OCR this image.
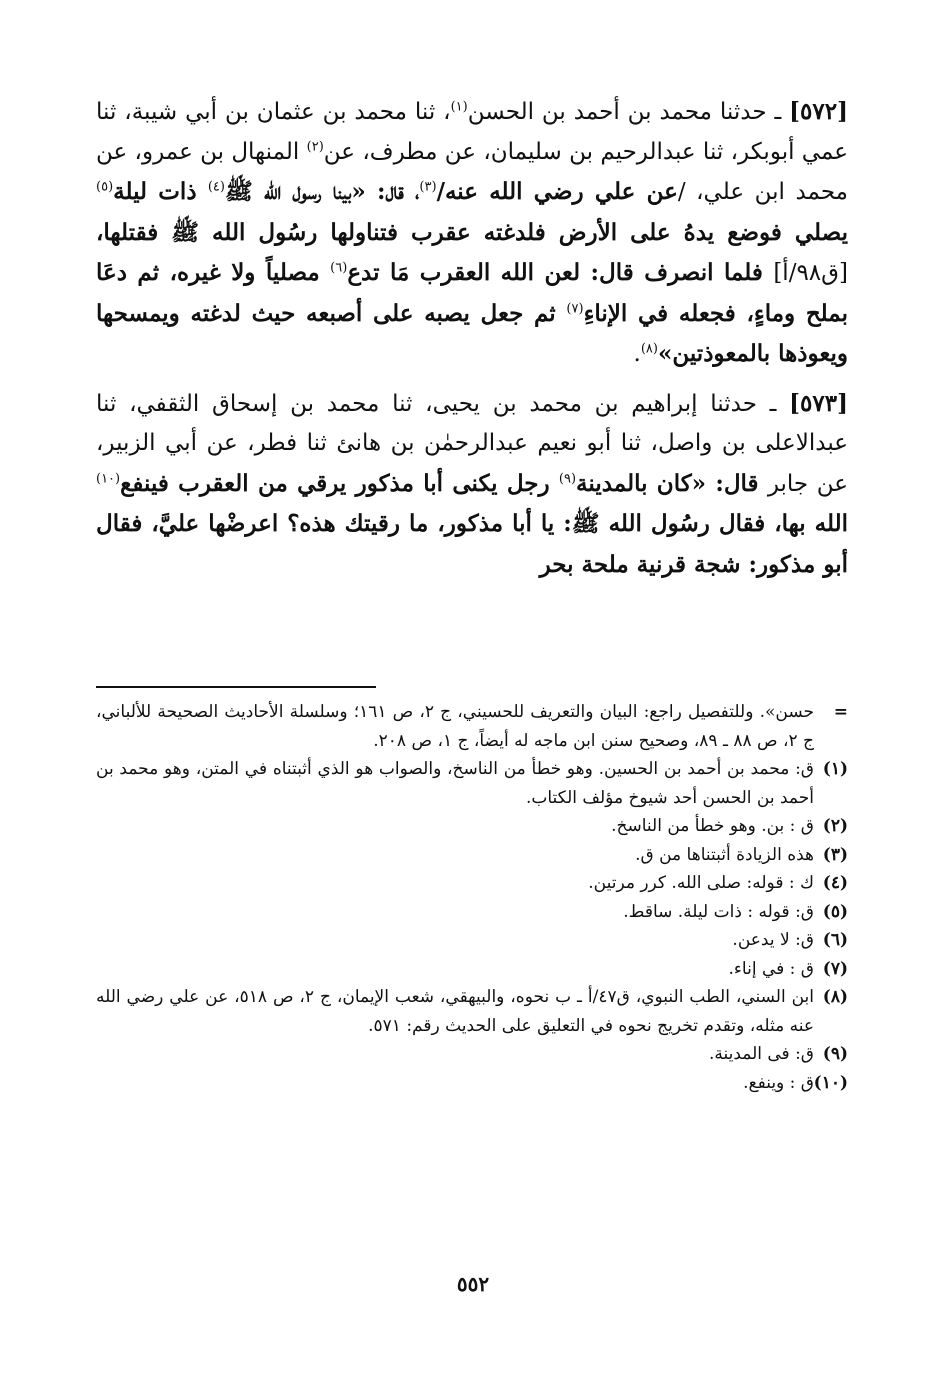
[٥٧٢] ـ حدثنا محمد بن أحمد بن الحسن$^{(١)}$، ثنا محمد بن عثمان بن أبي شيبة، ثنا عمي أبوبكر، ثنا عبدالرحيم بن سليمان، عن مطرف، عن$^{(٢)}$ المنهال بن عمرو، عن محمد ابن علي، /عن علي رضي الله عنه/$^{(٣)}$، قال: «بينا رسول الله ﷺ$^{(٤)}$ ذات ليلة$^{(٥)}$ يصلي فوضع يدهُ على الأرض فلدغته عقرب فتناولها رسُول الله ﷺ فقتلها،[ق٩٨/أ] فلما انصرف قال: لعن الله العقرب مَا تدع$^{(٦)}$ مصلياً ولا غيره، ثم دعَا بملح وماءٍ، فجعله في الإناءِ$^{(٧)}$ ثم جعل يصبه على أصبعه حيث لدغته ويمسحها ويعوذها بالمعوذتين»$^{(٨)}$.

[٥٧٣] ـ حدثنا إبراهيم بن محمد بن يحيى، ثنا محمد بن إسحاق الثقفي، ثنا عبدالاعلى بن واصل، ثنا أبو نعيم عبدالرحمٰن بن هانئ ثنا فطر، عن أبي الزبير، عن جابر قال: «كان بالمدينة$^{(٩)}$ رجل يكنى أبا مذكور يرقي من العقرب فينفع$^{(١٠)}$ الله بها، فقال رسُول الله ﷺ: يا أبا مذكور، ما رقيتك هذه؟ اعرضْها عليَّ، فقال أبو مذكور: شجة قرنية ملحة بحر

=
حسن». وللتفصيل راجع: البيان والتعريف للحسيني، ج ٢، ص ١٦١؛ وسلسلة الأحاديث الصحيحة للألباني، ج ٢، ص ٨٨ ـ ٨٩، وصحيح سنن ابن ماجه له أيضاً، ج ١، ص ٢٠٨.
(١)
ق: محمد بن أحمد بن الحسين. وهو خطأ من الناسخ، والصواب هو الذي أثبتناه في المتن، وهو محمد بن أحمد بن الحسن أحد شيوخ مؤلف الكتاب.
(٢)
ق : بن. وهو خطأ من الناسخ.
(٣)
هذه الزيادة أثبتناها من ق.
(٤)
ك : قوله: صلى الله. كرر مرتين.
(٥)
ق: قوله : ذات ليلة. ساقط.
(٦)
ق: لا يدعن.
(٧)
ق : في إناء.
(٨)
ابن السني، الطب النبوي، ق٤٧/أ ـ ب نحوه، والبيهقي، شعب الإيمان، ج ٢، ص ٥١٨، عن علي رضي الله عنه مثله، وتقدم تخريج نحوه في التعليق على الحديث رقم: ٥٧١.
(٩)
ق: فى المدينة.
(١٠)
ق : وينفع.
٥٥٢
